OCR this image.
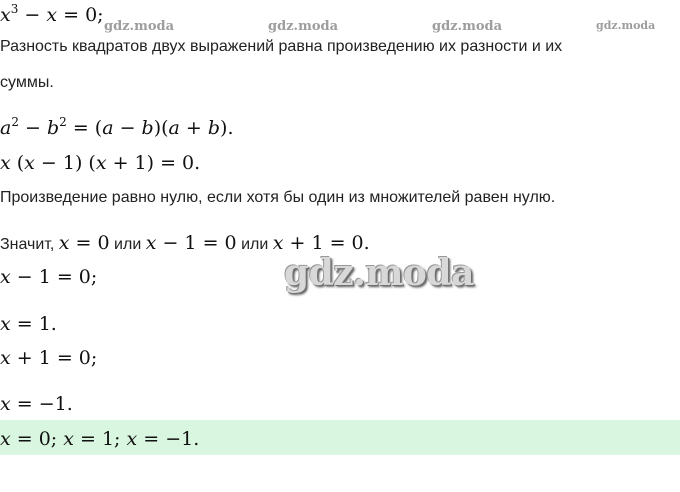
gdz.moda	gdz.moda	gdz.moda	gdz.moda
gdz.moda
$x^3 - x = 0$;
Разность квадратов двух выражений равна произведению их разности и их
суммы.
$a^2 - b^2 = (a - b)(a + b)$.
x (x − 1) (x + 1) = 0.
Произведение равно нулю, если хотя бы один из множителей равен нулю.
Значит, x = 0 или x − 1 = 0 или x + 1 = 0.
x − 1 = 0;
x = 1.
x + 1 = 0;
x = −1.
x = 0; x = 1; x = −1.
